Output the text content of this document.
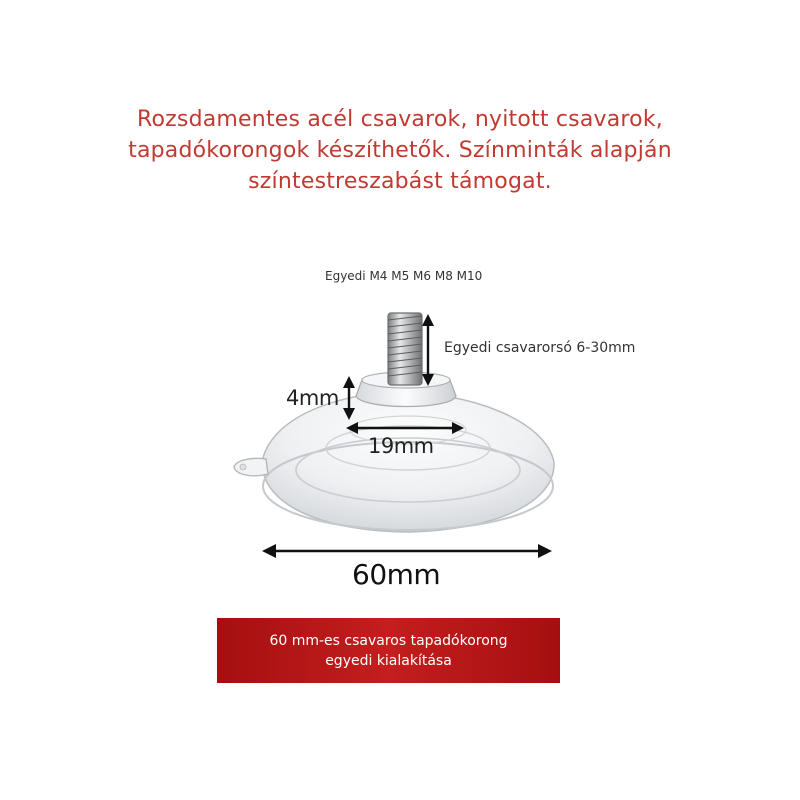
Rozsdamentes acél csavarok, nyitott csavarok,
tapadókorongok készíthetők. Színminták alapján
színtestreszabást támogat.
Egyedi M4 M5 M6 M8 M10
Egyedi csavarorsó 6-30mm
4mm
19mm
60mm
60 mm-es csavaros tapadókorong
egyedi kialakítása
